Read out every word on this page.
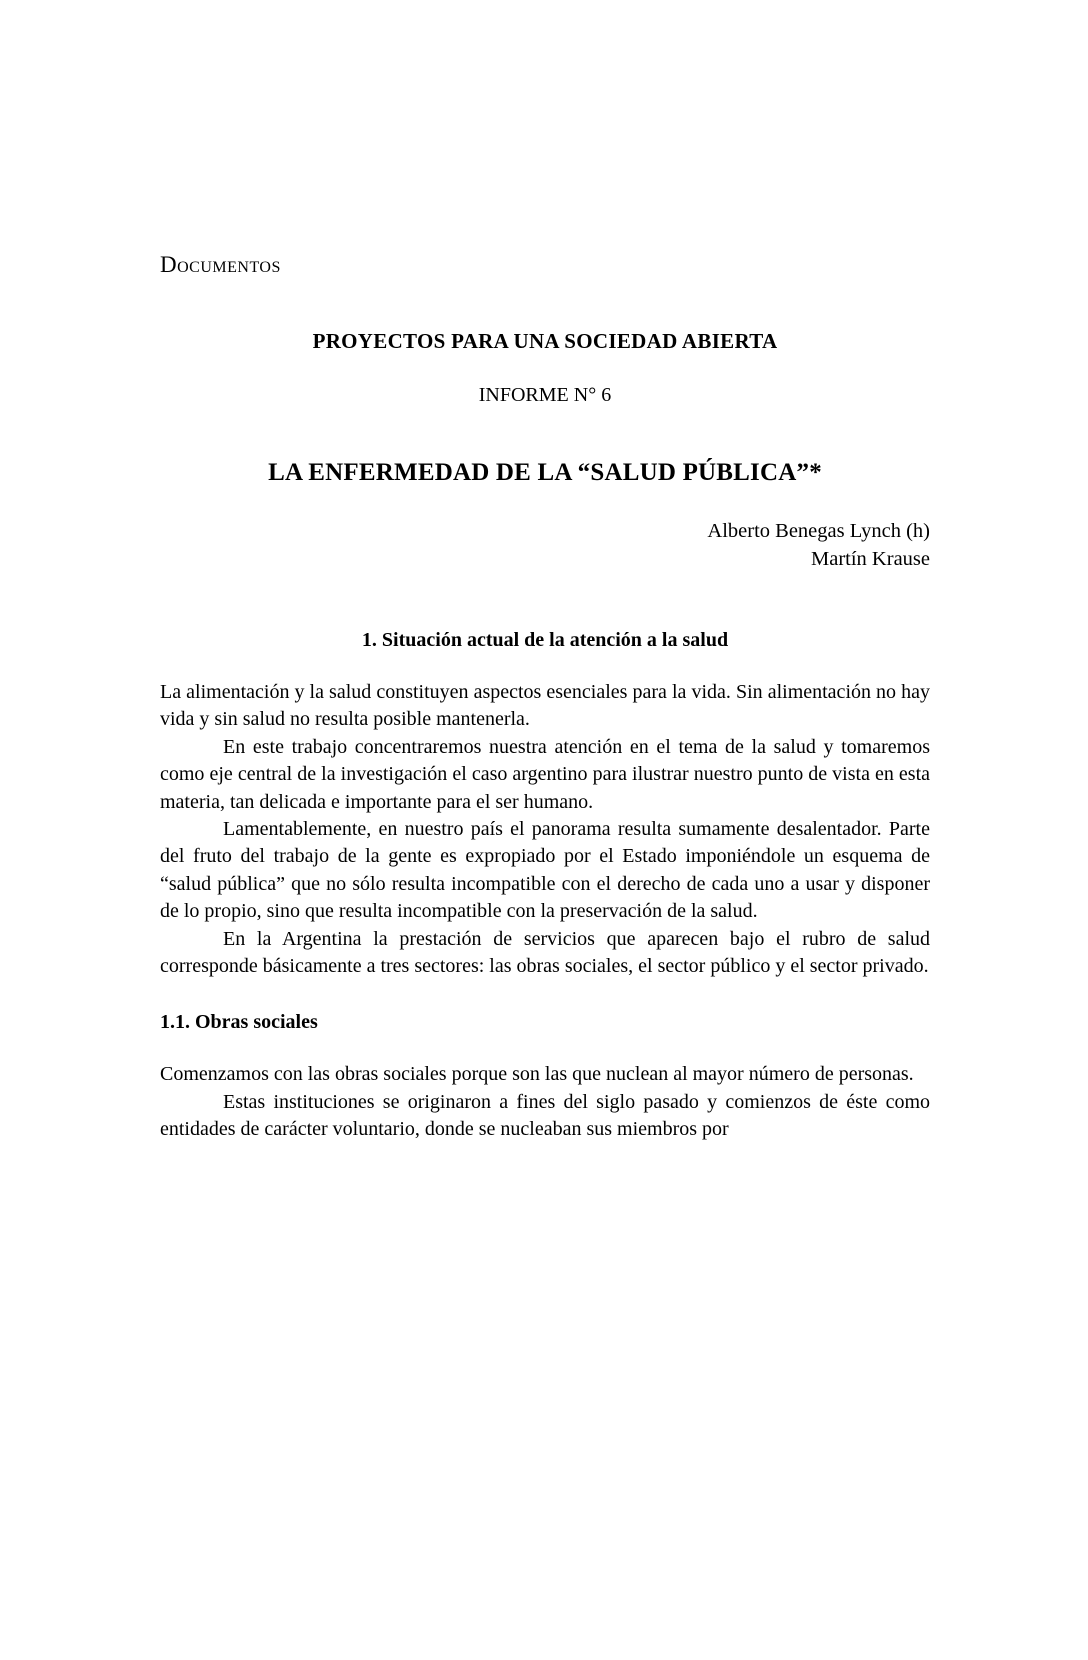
Documentos
PROYECTOS PARA UNA SOCIEDAD ABIERTA
INFORME N° 6
LA ENFERMEDAD DE LA “SALUD PÚBLICA”*
Alberto Benegas Lynch (h)
Martín Krause
1. Situación actual de la atención a la salud

La alimentación y la salud constituyen aspectos esenciales para la vida. Sin alimentación no hay vida y sin salud no resulta posible mantenerla.

En este trabajo concentraremos nuestra atención en el tema de la salud y tomaremos como eje central de la investigación el caso argentino para ilustrar nuestro punto de vista en esta materia, tan delicada e importante para el ser humano.

Lamentablemente, en nuestro país el panorama resulta sumamente desalentador. Parte del fruto del trabajo de la gente es expropiado por el Estado imponiéndole un esquema de “salud pública” que no sólo resulta incompatible con el derecho de cada uno a usar y disponer de lo propio, sino que resulta incompatible con la preservación de la salud.

En la Argentina la prestación de servicios que aparecen bajo el rubro de salud corresponde básicamente a tres sectores: las obras sociales, el sector público y el sector privado.

1.1. Obras sociales

Comenzamos con las obras sociales porque son las que nuclean al mayor número de personas.

Estas instituciones se originaron a fines del siglo pasado y comienzos de éste como entidades de carácter voluntario, donde se nucleaban sus miembros por
